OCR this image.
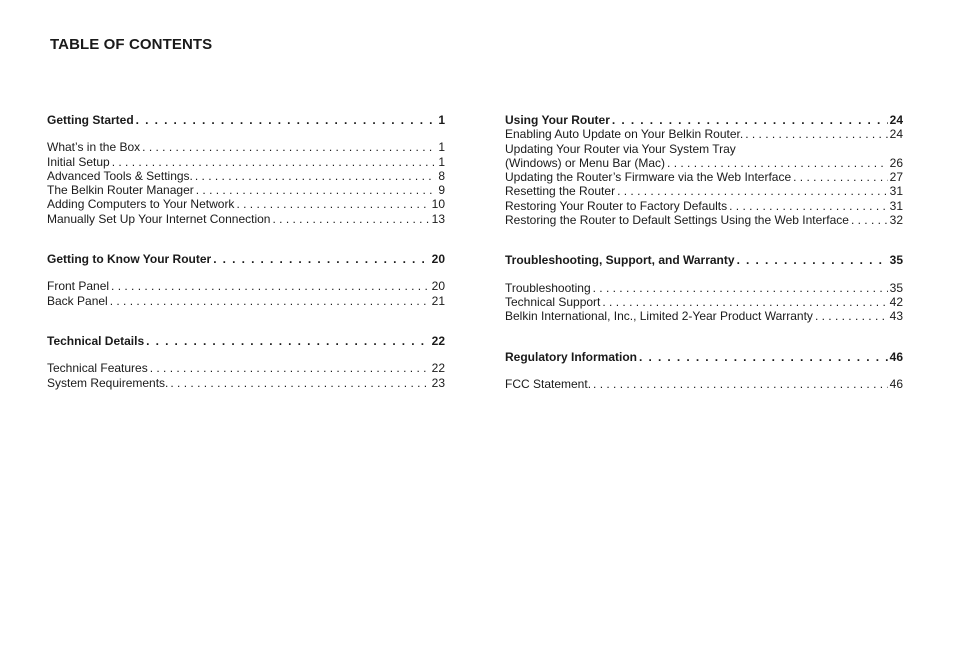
TABLE OF CONTENTS
Getting Started . . .	1
What’s in the Box . . .	1
Initial Setup . . .	1
Advanced Tools & Settings. . . .	8
The Belkin Router Manager . . .	9
Adding Computers to Your Network . . .	10
Manually Set Up Your Internet Connection . . .	13
Getting to Know Your Router . . .	20
Front Panel . . .	20
Back Panel . . .	21
Technical Details . . .	22
Technical Features . . .	22
System Requirements. . . .	23
Using Your Router . . .	24
Enabling Auto Update on Your Belkin Router. . . .	24
Updating Your Router via Your System Tray
(Windows) or Menu Bar (Mac) . . .	26
Updating the Router’s Firmware via the Web Interface . . .	27
Resetting the Router . . .	31
Restoring Your Router to Factory Defaults . . .	31
Restoring the Router to Default Settings Using the Web Interface . . .	32
Troubleshooting, Support, and Warranty . . .	35
Troubleshooting . . .	35
Technical Support . . .	42
Belkin International, Inc., Limited 2-Year Product Warranty . . .	43
Regulatory Information . . .	46
FCC Statement. . . .	46
